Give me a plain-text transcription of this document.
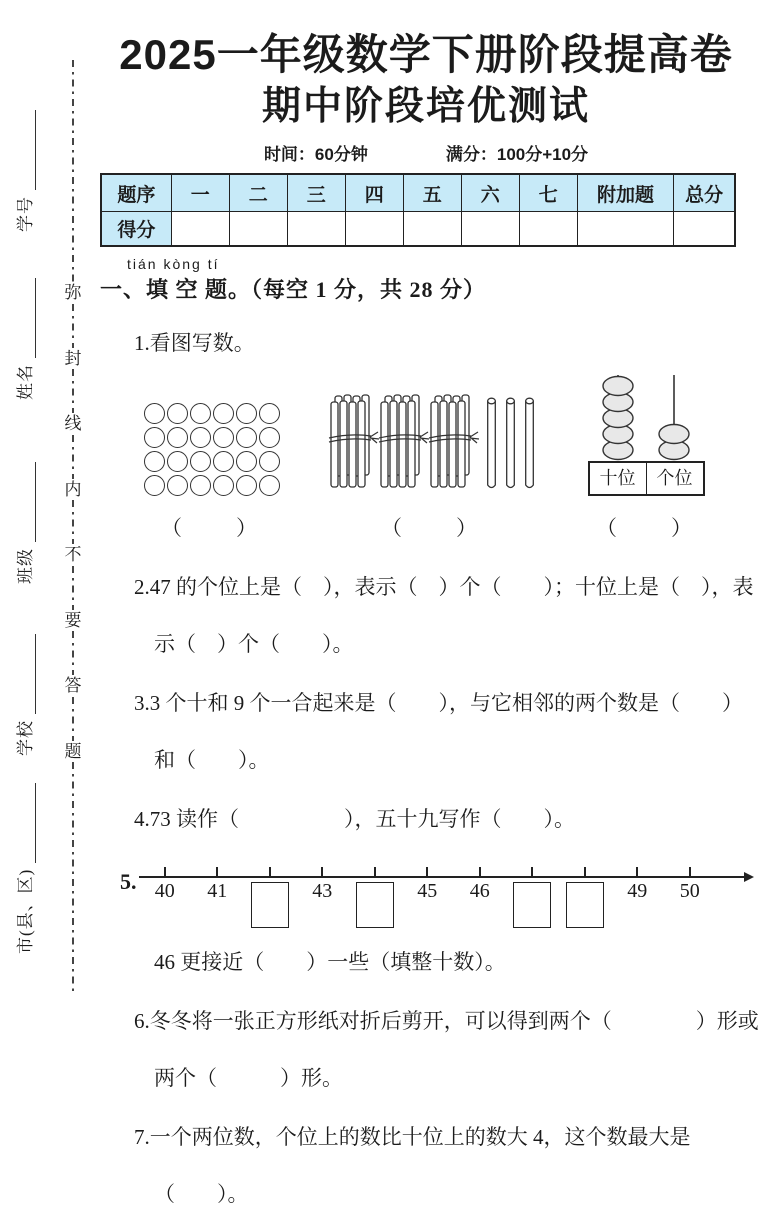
学号
姓名
班级
学校
市(县、区)
弥
封
线
内
不
要
答
题
2025一年级数学下册阶段提高卷
期中阶段培优测试
时间：60分钟	满分：100分+10分
题序	一	二	三	四	五	六	七	附加题	总分
得分									
tián kòng tí
一、填 空 题。（每空 1 分，共 28 分）
1.看图写数。
（　　）	（　　）
十位	个位
（　　）
2.47 的个位上是（　），表示（　）个（　　）；十位上是（　），表
示（　）个（　　）。
3.3 个十和 9 个一合起来是（　　），与它相邻的两个数是（　　）
和（　　）。
4.73 读作（　　　　　），五十九写作（　　）。
5. 40 41	43	45 46	49 50
46 更接近（　　）一些（填整十数）。
6.冬冬将一张正方形纸对折后剪开，可以得到两个（　　　　）形或
两个（　　　）形。
7.一个两位数，个位上的数比十位上的数大 4，这个数最大是
（　　）。
